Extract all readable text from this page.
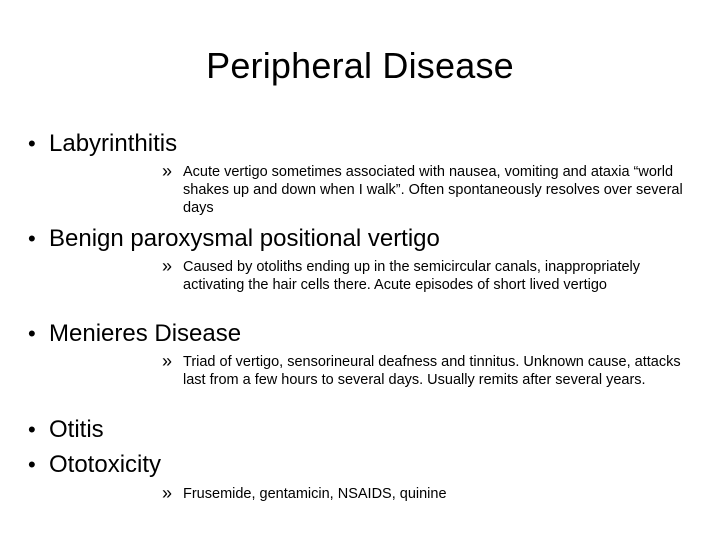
Peripheral Disease
• Labyrinthitis
» Acute vertigo sometimes associated with nausea, vomiting and ataxia “world shakes up and down when I walk”. Often spontaneously resolves over several days
• Benign paroxysmal positional vertigo
» Caused by otoliths ending up in the semicircular canals, inappropriately activating the hair cells there. Acute episodes of short lived vertigo
• Menieres Disease
» Triad of vertigo, sensorineural deafness and tinnitus. Unknown cause, attacks last from a few hours to several days. Usually remits after several years.
• Otitis
• Ototoxicity
» Frusemide, gentamicin, NSAIDS, quinine
